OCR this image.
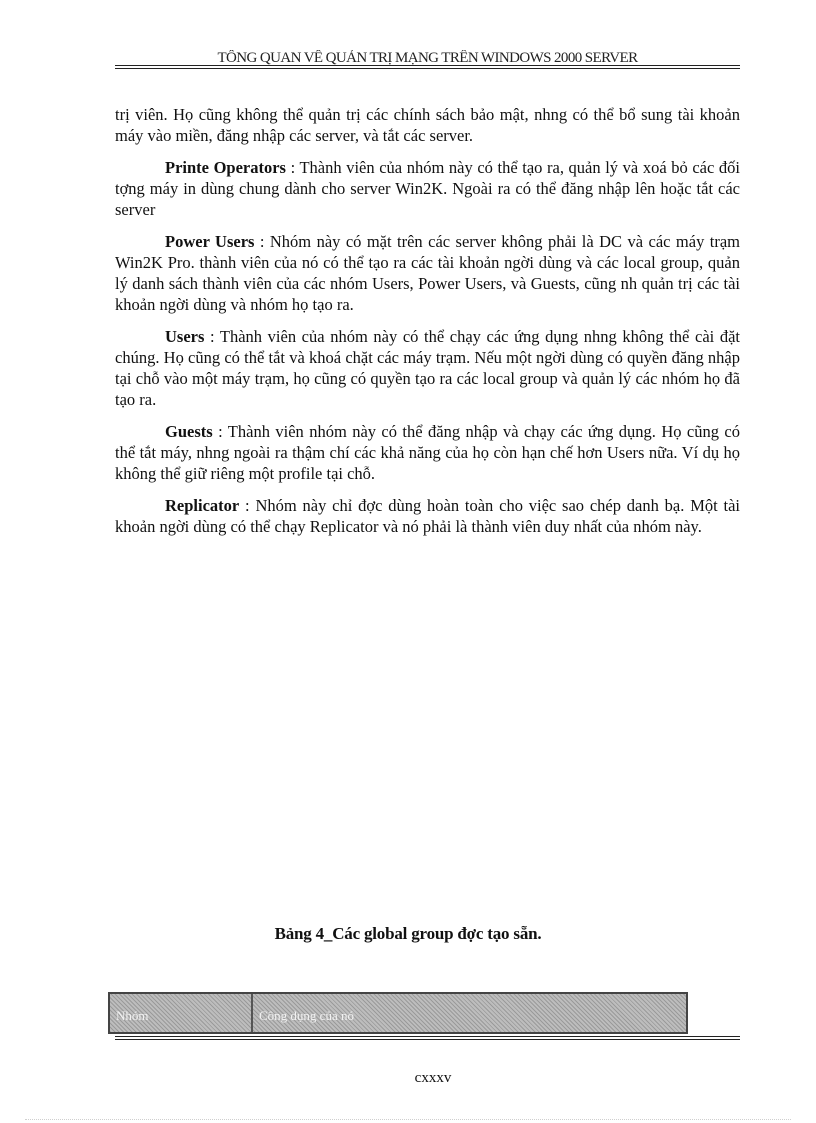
TỔNG QUAN VỀ QUẢN TRỊ MẠNG TRÊN WINDOWS 2000 SERVER

trị viên. Họ cũng không thể quản trị các chính sách bảo mật, nhng có thể bổ sung tài khoản máy vào miền, đăng nhập các server, và tắt các server.

Printe Operators : Thành viên của nhóm này có thể tạo ra, quản lý và xoá bỏ các đối tợng máy in dùng chung dành cho server Win2K. Ngoài ra có thể đăng nhập lên hoặc tắt các server

Power Users : Nhóm này có mặt trên các server không phải là DC và các máy trạm Win2K Pro. thành viên của nó có thể tạo ra các tài khoản ngời dùng và các local group, quản lý danh sách thành viên của các nhóm Users, Power Users, và Guests, cũng nh quản trị các tài khoản ngời dùng và nhóm họ tạo ra.

Users : Thành viên của nhóm này có thể chạy các ứng dụng nhng không thể cài đặt chúng. Họ cũng có thể tắt và khoá chặt các máy trạm. Nếu một ngời dùng có quyền đăng nhập tại chỗ vào một máy trạm, họ cũng có quyền tạo ra các local group và quản lý các nhóm họ đã tạo ra.

Guests : Thành viên nhóm này có thể đăng nhập và chạy các ứng dụng. Họ cũng có thể tắt máy, nhng ngoài ra thậm chí các khả năng của họ còn hạn chế hơn Users nữa. Ví dụ họ không thể giữ riêng một profile tại chỗ.

Replicator : Nhóm này chỉ đợc dùng hoàn toàn cho việc sao chép danh bạ. Một tài khoản ngời dùng có thể chạy Replicator và nó phải là thành viên duy nhất của nhóm này.

Bảng 4_Các global group đợc tạo sẵn.
Nhóm	Công dụng của nó
cxxxv
